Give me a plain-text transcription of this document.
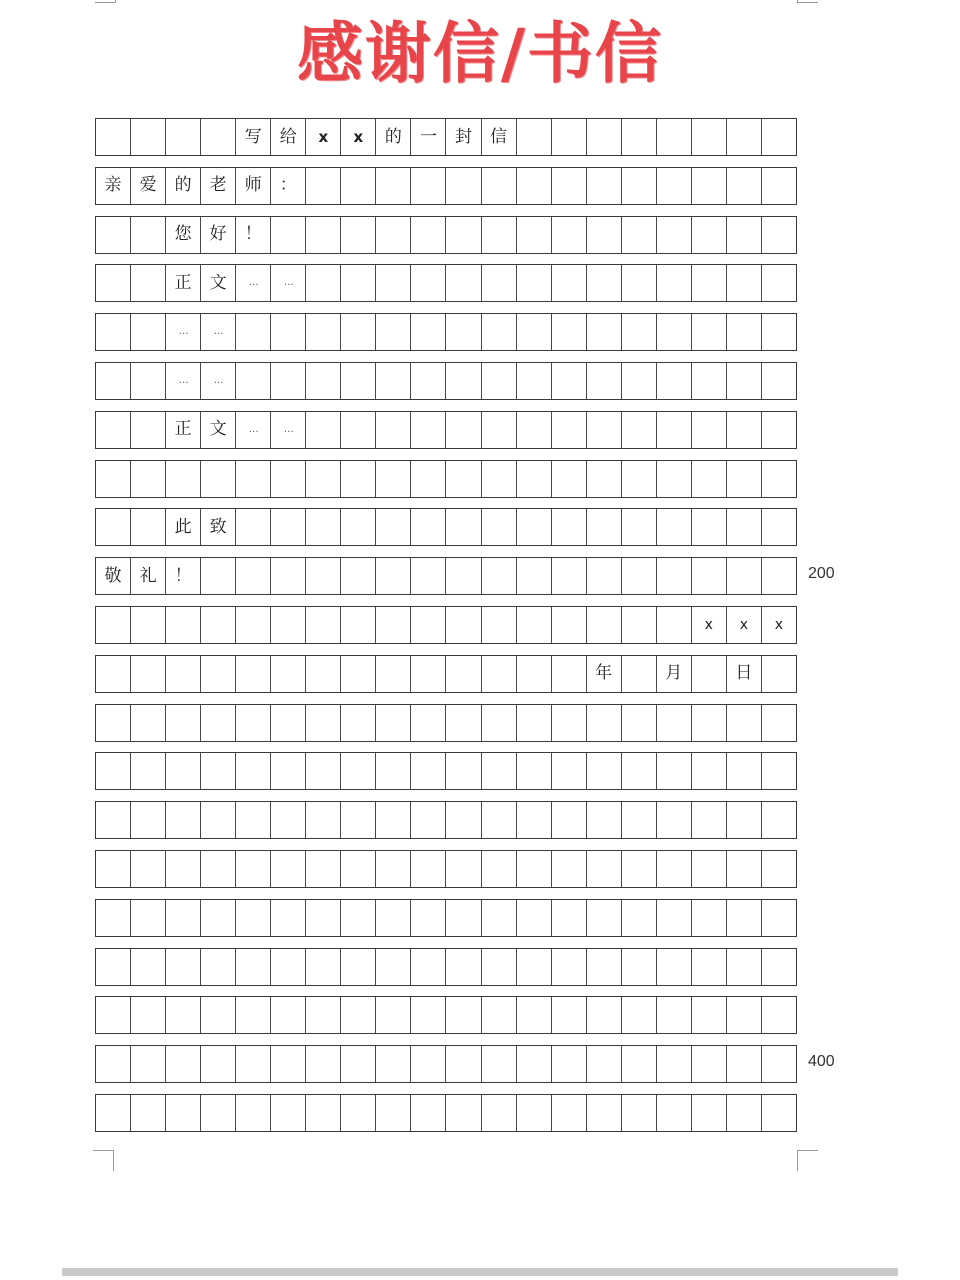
感谢信/书信
写	给	x	x	的	一	封	信
亲	爱	的	老	师	：
您	好	！
正	文	…	…
…	…
…	…
正	文	…	…
此	致
敬	礼	！
x	x	x
年	月	日
200
400
